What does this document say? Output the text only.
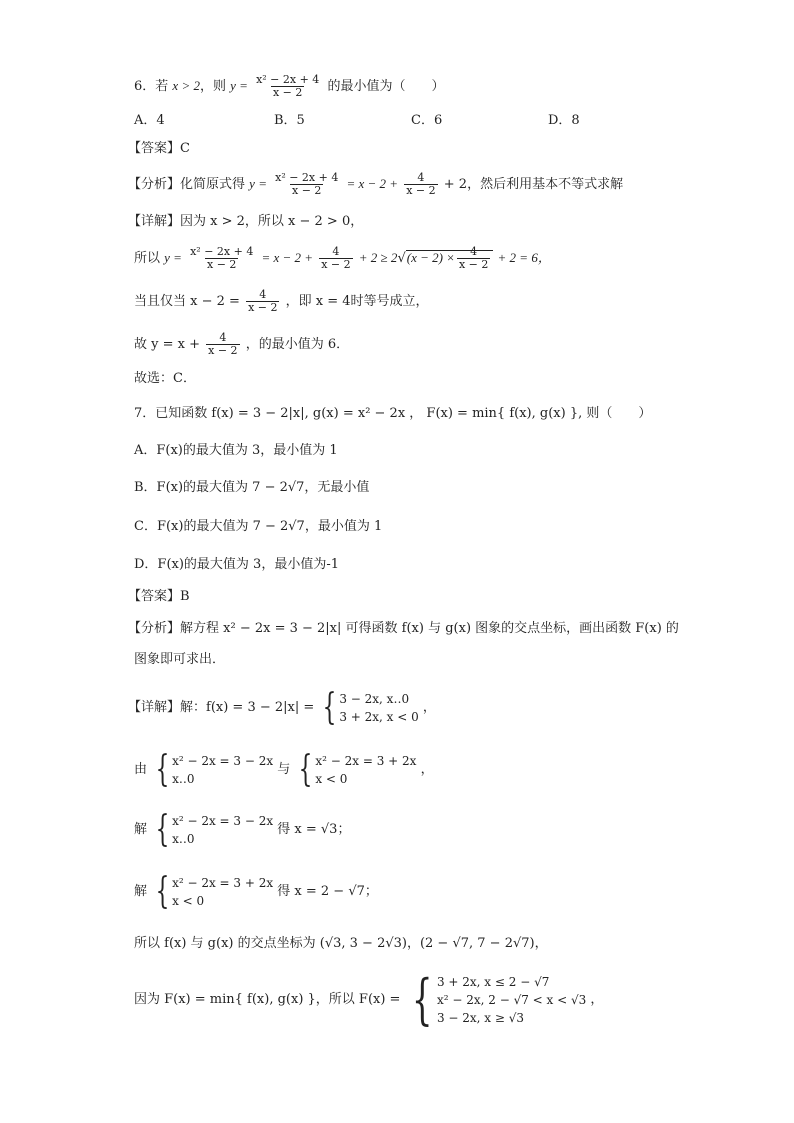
6．若 x > 2，则 $y = \frac{\text{x² − 2x + 4}}{x - 2}$ 的最小值为（　　）
A．4	B．5	C．6	D．8
【答案】C
【分析】化简原式得 $y = \frac{\text{x² − 2x + 4}}{x - 2} = x - 2 + \frac{4}{x - 2} + 2$，然后利用基本不等式求解
【详解】因为 x > 2，所以 x − 2 > 0，
所以 $y = \frac{\text{x² − 2x + 4}}{x - 2} = x - 2 + \frac{4}{x - 2} + 2 \ge 2√(x - 2) \times \frac{4}{x - 2} + 2 = 6$，
当且仅当 $x - 2 = \frac{4}{x - 2}$ ，即 x = 4时等号成立，
故 $y = x + \frac{4}{x - 2}$ ，的最小值为 6．
故选：C．
7．已知函数 f(x) = 3 − 2|x|, g(x) = x² − 2x ， F(x) = min{ f(x), g(x) }, 则（　　）
A．F(x)的最大值为 3，最小值为 1
B．F(x)的最大值为 7 − 2√7，无最小值
C．F(x)的最大值为 7 − 2√7，最小值为 1
D．F(x)的最大值为 3，最小值为-1
【答案】B
【分析】解方程 x² − 2x = 3 − 2|x| 可得函数 f(x) 与 g(x) 图象的交点坐标，画出函数 F(x) 的
图象即可求出．
【详解】解：f(x) = 3 − 2|x| = { 3 − 2x, x‥0
3 + 2x, x < 0
，
由 { x² − 2x = 3 − 2x
x‥0
与 { x² − 2x = 3 + 2x
x < 0
，
解 { x² − 2x = 3 − 2x
x‥0
得 x = √3；
解 { x² − 2x = 3 + 2x
x < 0
得 x = 2 − √7；
所以 f(x) 与 g(x) 的交点坐标为 (√3, 3 − 2√3)，(2 − √7, 7 − 2√7)，
因为 F(x) = min{ f(x), g(x) }，所以 F(x) = { 3 + 2x, x ≤ 2 − √7
x² − 2x, 2 − √7 < x < √3
3 − 2x, x ≥ √3
，
